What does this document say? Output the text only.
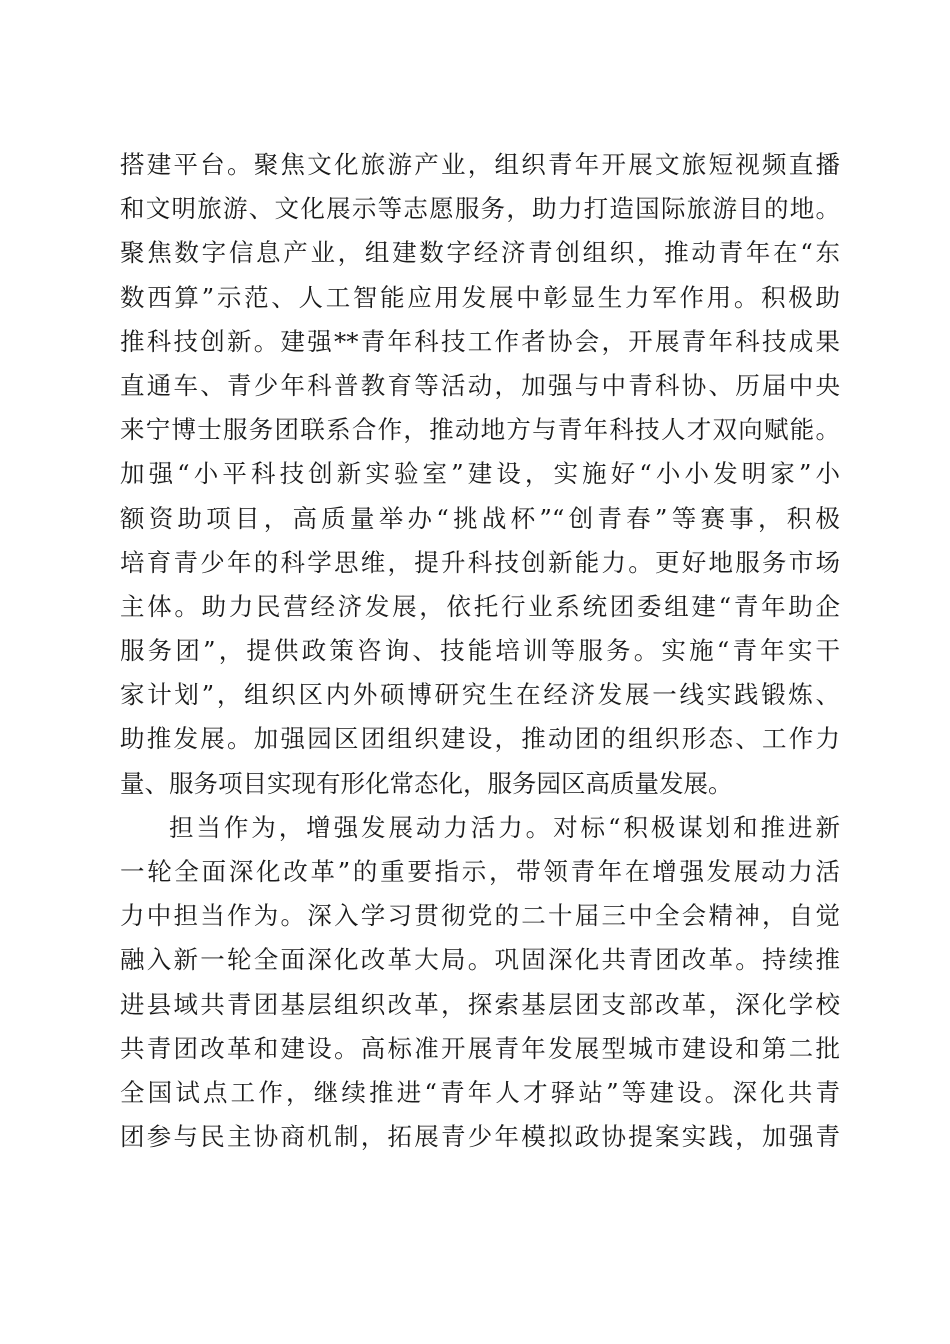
搭建平台。聚焦文化旅游产业，组织青年开展文旅短视频直播
和文明旅游、文化展示等志愿服务，助力打造国际旅游目的地。
聚焦数字信息产业，组建数字经济青创组织，推动青年在“东
数西算”示范、人工智能应用发展中彰显生力军作用。积极助
推科技创新。建强**青年科技工作者协会，开展青年科技成果
直通车、青少年科普教育等活动，加强与中青科协、历届中央
来宁博士服务团联系合作，推动地方与青年科技人才双向赋能。
加强“小平科技创新实验室”建设，实施好“小小发明家”小
额资助项目，高质量举办“挑战杯”“创青春”等赛事，积极
培育青少年的科学思维，提升科技创新能力。更好地服务市场
主体。助力民营经济发展，依托行业系统团委组建“青年助企
服务团”，提供政策咨询、技能培训等服务。实施“青年实干
家计划”，组织区内外硕博研究生在经济发展一线实践锻炼、
助推发展。加强园区团组织建设，推动团的组织形态、工作力
量、服务项目实现有形化常态化，服务园区高质量发展。
担当作为，增强发展动力活力。对标“积极谋划和推进新
一轮全面深化改革”的重要指示，带领青年在增强发展动力活
力中担当作为。深入学习贯彻党的二十届三中全会精神，自觉
融入新一轮全面深化改革大局。巩固深化共青团改革。持续推
进县域共青团基层组织改革，探索基层团支部改革，深化学校
共青团改革和建设。高标准开展青年发展型城市建设和第二批
全国试点工作，继续推进“青年人才驿站”等建设。深化共青
团参与民主协商机制，拓展青少年模拟政协提案实践，加强青
